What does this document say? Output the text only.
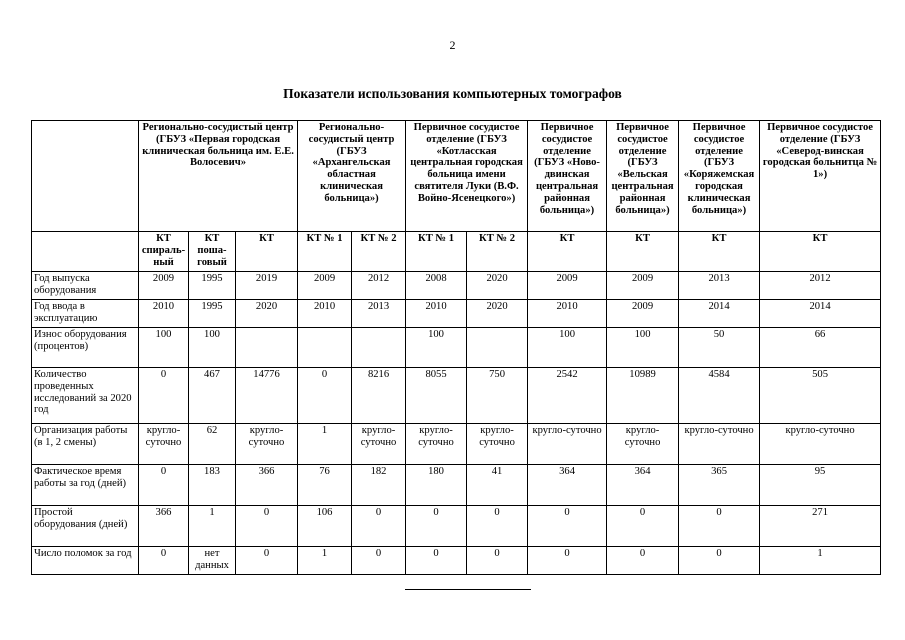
2
Показатели использования компьютерных томографов
	Регионально-сосудистый центр (ГБУЗ «Первая городская клиническая больница им. Е.Е. Волосевич»			Регионально-сосудистый центр (ГБУЗ «Архангельская областная клиническая больница»)		Первичное сосудистое отделение (ГБУЗ «Котласская центральная городская больница имени святителя Луки (В.Ф. Войно-Ясенецкого»)		Первичное сосудистое отделение (ГБУЗ «Ново-двинская центральная районная больница»)	Первичное сосудистое отделение (ГБУЗ «Вельская центральная районная больница»)	Первичное сосудистое отделение (ГБУЗ «Коряжемская городская клиническая больница»)	Первичное сосудистое отделение (ГБУЗ «Северод-винская городская больнитца № 1»)
	КТ спираль-ный	КТ поша-говый	КТ	КТ № 1	КТ № 2	КТ № 1	КТ № 2	КТ	КТ	КТ	КТ
Год выпуска оборудования	2009	1995	2019	2009	2012	2008	2020	2009	2009	2013	2012
Год ввода в эксплуатацию	2010	1995	2020	2010	2013	2010	2020	2010	2009	2014	2014
Износ оборудования (процентов)	100	100				100		100	100	50	66
Количество проведенных исследований за 2020 год	0	467	14776	0	8216	8055	750	2542	10989	4584	505
Организация работы (в 1, 2 смены)	кругло-суточно	62	кругло-суточно	1	кругло-суточно	кругло-суточно	кругло-суточно	кругло-суточно	кругло-суточно	кругло-суточно	кругло-суточно
Фактическое время работы за год (дней)	0	183	366	76	182	180	41	364	364	365	95
Простой оборудования (дней)	366	1	0	106	0	0	0	0	0	0	271
Число поломок за год	0	нет данных	0	1	0	0	0	0	0	0	1
